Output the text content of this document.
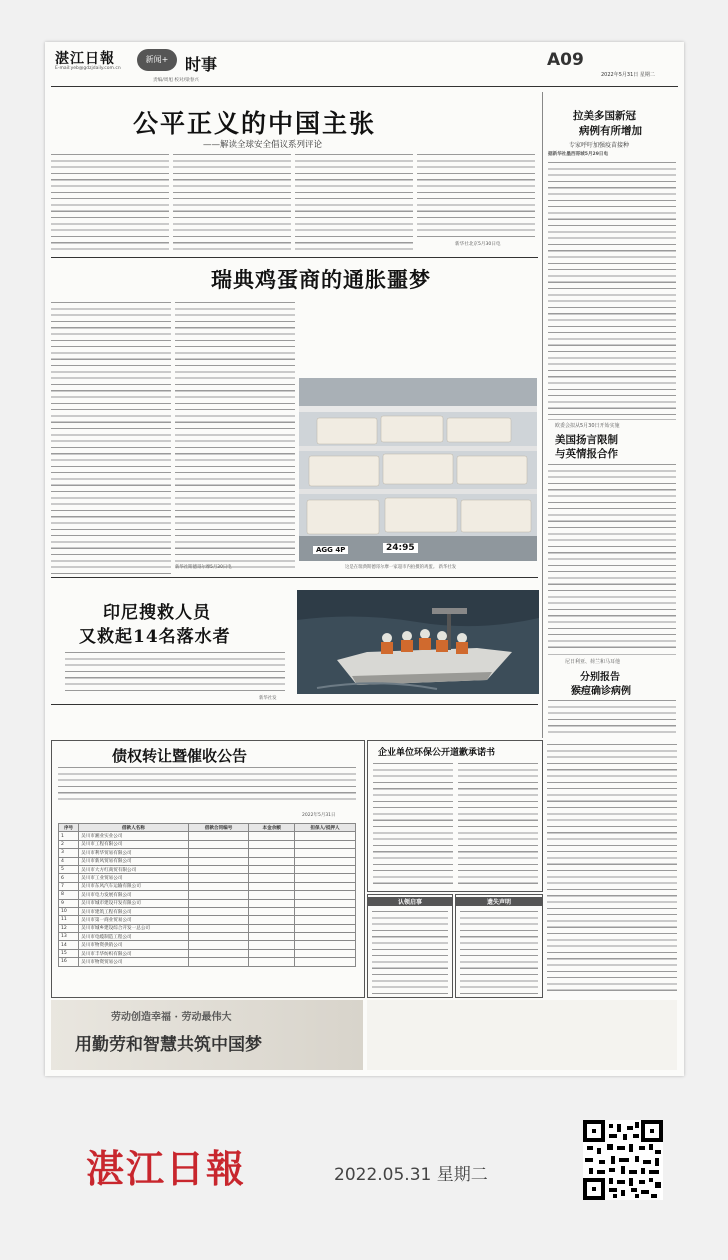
湛江日報
E-mail:yeb@gdzjdaily.com.cn
新闻+	时事
责编/周旭 校对/梁春兴
A09
2022年5月31日 星期二
公平正义的中国主张
——解读全球安全倡议系列评论
新华社北京5月30日电
拉美多国新冠
病例有所增加
专家呼吁加强疫苗接种
据新华社墨西哥城5月29日电
欧委会拟从5月30日开始实施
美国扬言限制
与英情报合作
尼日利亚、荷兰和马耳他
分别报告
猴痘确诊病例
瑞典鸡蛋商的通胀噩梦
新华社斯德哥尔摩5月30日电
AGG 4P	24:95
这是在瑞典斯德哥尔摩一家超市内拍摄的鸡蛋。 新华社发
印尼搜救人员
又救起14名落水者
新华社发
债权转让暨催收公告
2022年5月31日
序号	借款人名称	借款合同编号	本金余额	担保人/抵押人
1	吴川市湘业实业公司			
2	吴川市工程有限公司			
3	吴川市利华贸易有限公司			
4	吴川市新风贸易有限公司			
5	吴川市大方红商贸有限公司			
6	吴川市工业贸易公司			
7	吴川市东风汽车运输有限公司			
8	吴川市电力发展有限公司			
9	吴川市城市建设开发有限公司			
10	吴川市建筑工程有限公司			
11	吴川市第一商业贸易公司			
12	吴川市城乡建设综合开发一总公司			
13	吴川市电缆制造工程公司			
14	吴川市物资供销公司			
15	吴川市丰华纺织有限公司			
16	吴川市物资贸易公司			
企业单位环保公开道歉承诺书
认领启事	遗失声明
劳动创造幸福 · 劳动最伟大
用勤劳和智慧共筑中国梦
湛江日報	2022.05.31 星期二
